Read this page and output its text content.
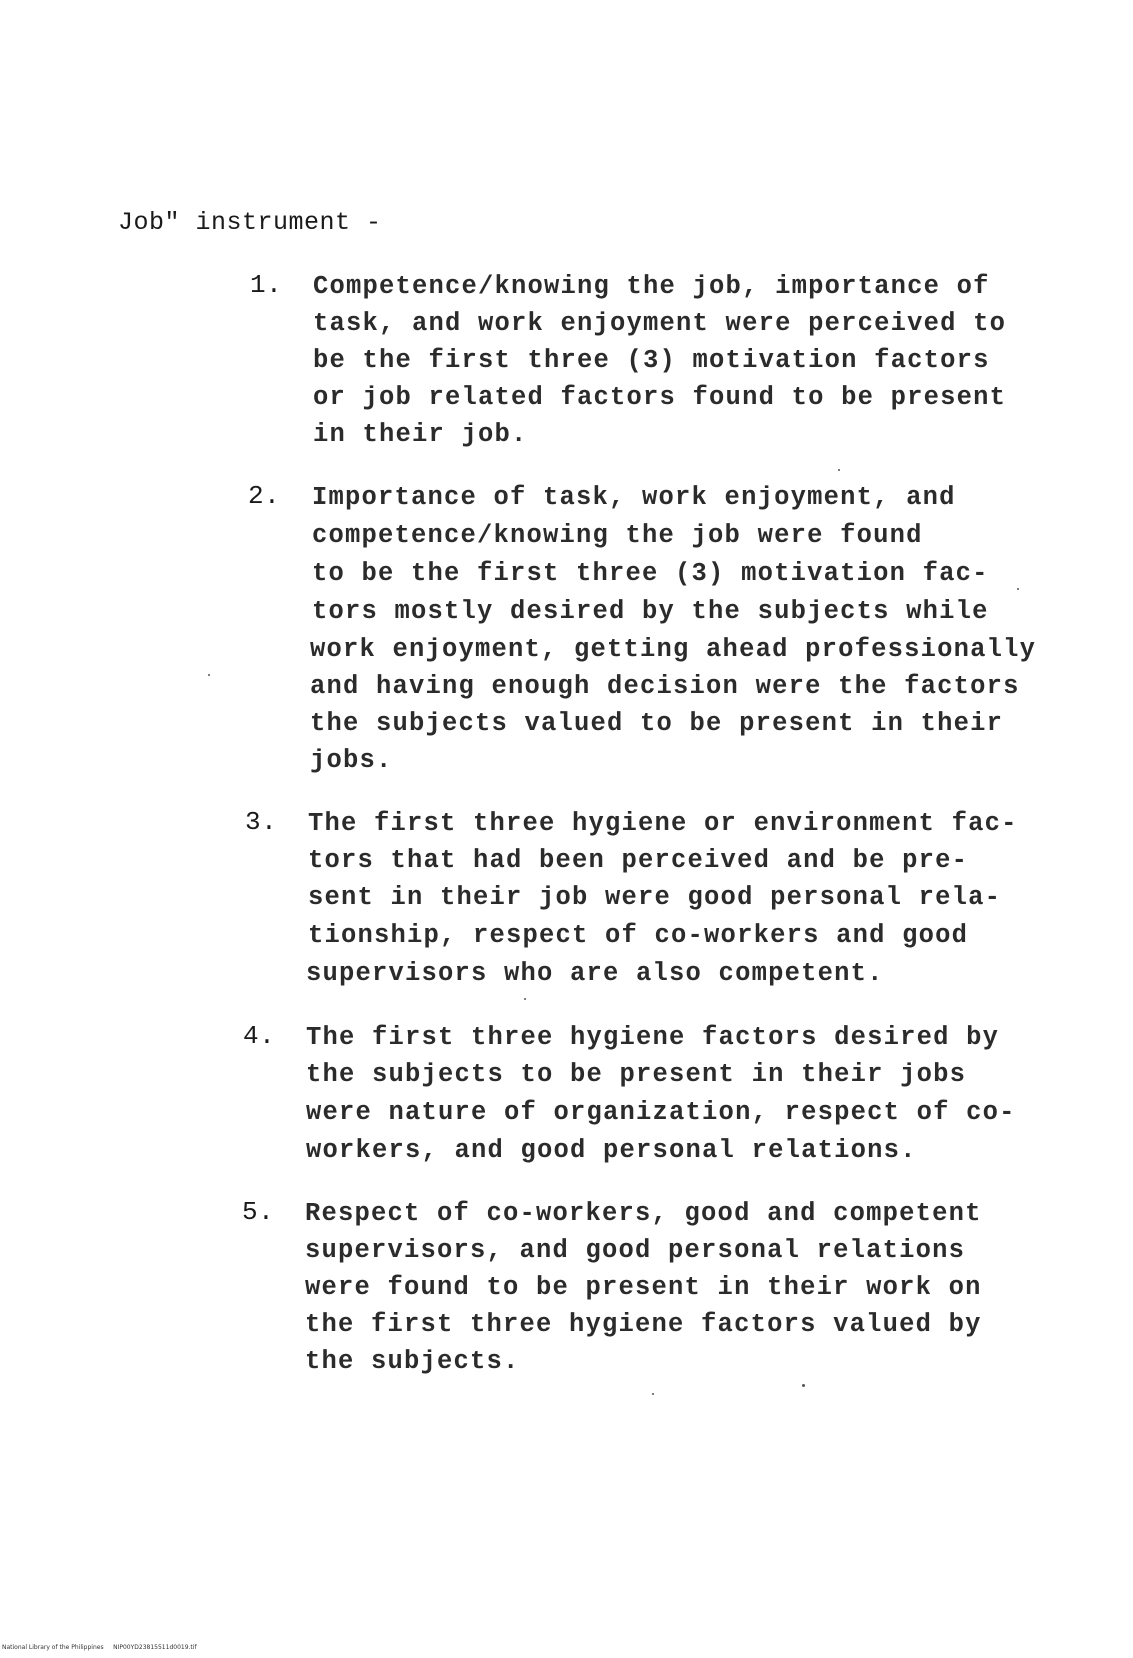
Job" instrument -
1. Competence/knowing the job, importance of
task, and work enjoyment were perceived to
be the first three (3) motivation factors
or job related factors found to be present
in their job.
2. Importance of task, work enjoyment, and
competence/knowing the job were found
to be the first three (3) motivation fac-
tors mostly desired by the subjects while
work enjoyment, getting ahead professionally
and having enough decision were the factors
the subjects valued to be present in their
jobs.
3. The first three hygiene or environment fac-
tors that had been perceived and be pre-
sent in their job were good personal rela-
tionship, respect of co-workers and good
supervisors who are also competent.
4. The first three hygiene factors desired by
the subjects to be present in their jobs
were nature of organization, respect of co-
workers, and good personal relations.
5. Respect of co-workers, good and competent
supervisors, and good personal relations
were found to be present in their work on
the first three hygiene factors valued by
the subjects.
National Library of the Philippines     NIP00YD23815511d0019.tif
